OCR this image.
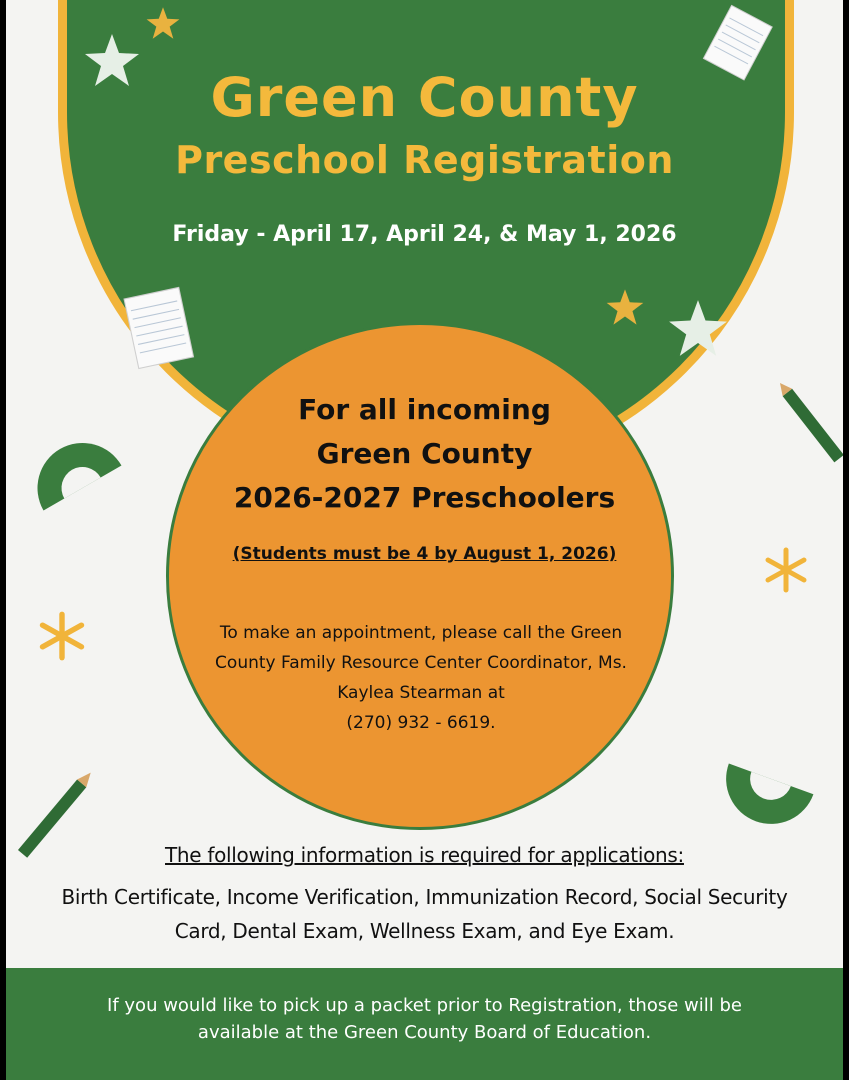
Green County
Preschool Registration
Friday - April 17, April 24, & May 1, 2026
For all incoming
Green County
2026-2027 Preschoolers
(Students must be 4 by August 1, 2026)
To make an appointment, please call the Green
County Family Resource Center Coordinator, Ms.
Kaylea Stearman at
(270) 932 - 6619.
The following information is required for applications:
Birth Certificate, Income Verification, Immunization Record, Social Security
Card, Dental Exam, Wellness Exam, and Eye Exam.
If you would like to pick up a packet prior to Registration, those will be
available at the Green County Board of Education.
